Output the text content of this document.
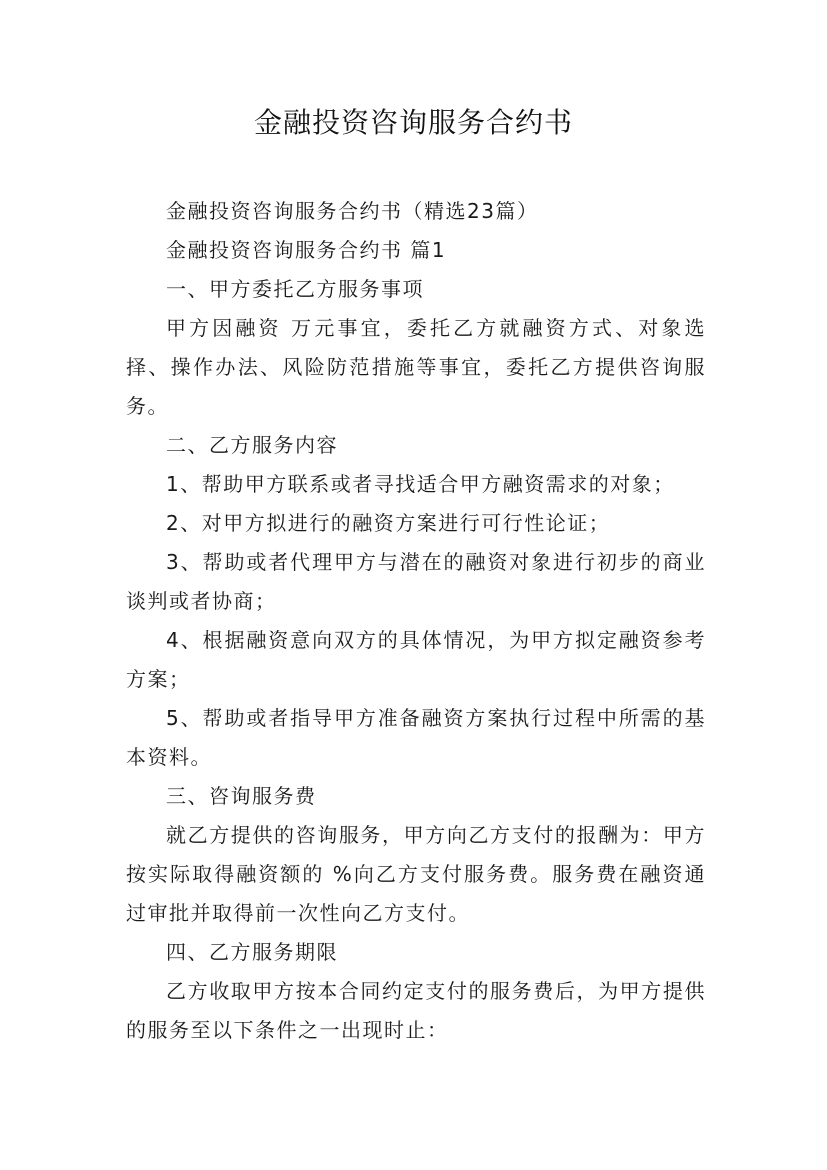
金融投资咨询服务合约书

金融投资咨询服务合约书（精选23篇）

金融投资咨询服务合约书 篇1

一、甲方委托乙方服务事项

甲方因融资 万元事宜，委托乙方就融资方式、对象选择、操作办法、风险防范措施等事宜，委托乙方提供咨询服务。

二、乙方服务内容

1、帮助甲方联系或者寻找适合甲方融资需求的对象；

2、对甲方拟进行的融资方案进行可行性论证；

3、帮助或者代理甲方与潜在的融资对象进行初步的商业谈判或者协商；

4、根据融资意向双方的具体情况，为甲方拟定融资参考方案；

5、帮助或者指导甲方准备融资方案执行过程中所需的基本资料。

三、咨询服务费

就乙方提供的咨询服务，甲方向乙方支付的报酬为：甲方按实际取得融资额的 %向乙方支付服务费。服务费在融资通过审批并取得前一次性向乙方支付。

四、乙方服务期限

乙方收取甲方按本合同约定支付的服务费后，为甲方提供的服务至以下条件之一出现时止：
